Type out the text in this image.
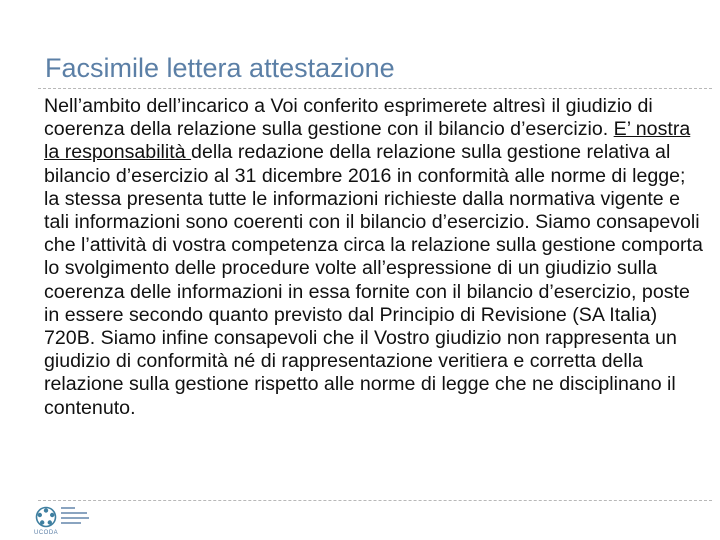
Facsimile lettera attestazione

Nell’ambito dell’incarico a Voi conferito esprimerete altresì il giudizio di coerenza della relazione sulla gestione con il bilancio d’esercizio. E’ nostra la responsabilità della redazione della relazione sulla gestione relativa al bilancio d’esercizio al 31 dicembre 2016 in conformità alle norme di legge; la stessa presenta tutte le informazioni richieste dalla normativa vigente e tali informazioni sono coerenti con il bilancio d’esercizio. Siamo consapevoli che l’attività di vostra competenza circa la relazione sulla gestione comporta lo svolgimento delle procedure volte all’espressione di un giudizio sulla coerenza delle informazioni in essa fornite con il bilancio d’esercizio, poste in essere secondo quanto previsto dal Principio di Revisione (SA Italia) 720B. Siamo infine consapevoli che il Vostro giudizio non rappresenta un giudizio di conformità né di rappresentazione veritiera e corretta della relazione sulla gestione rispetto alle norme di legge che ne disciplinano il contenuto.

UCODA
